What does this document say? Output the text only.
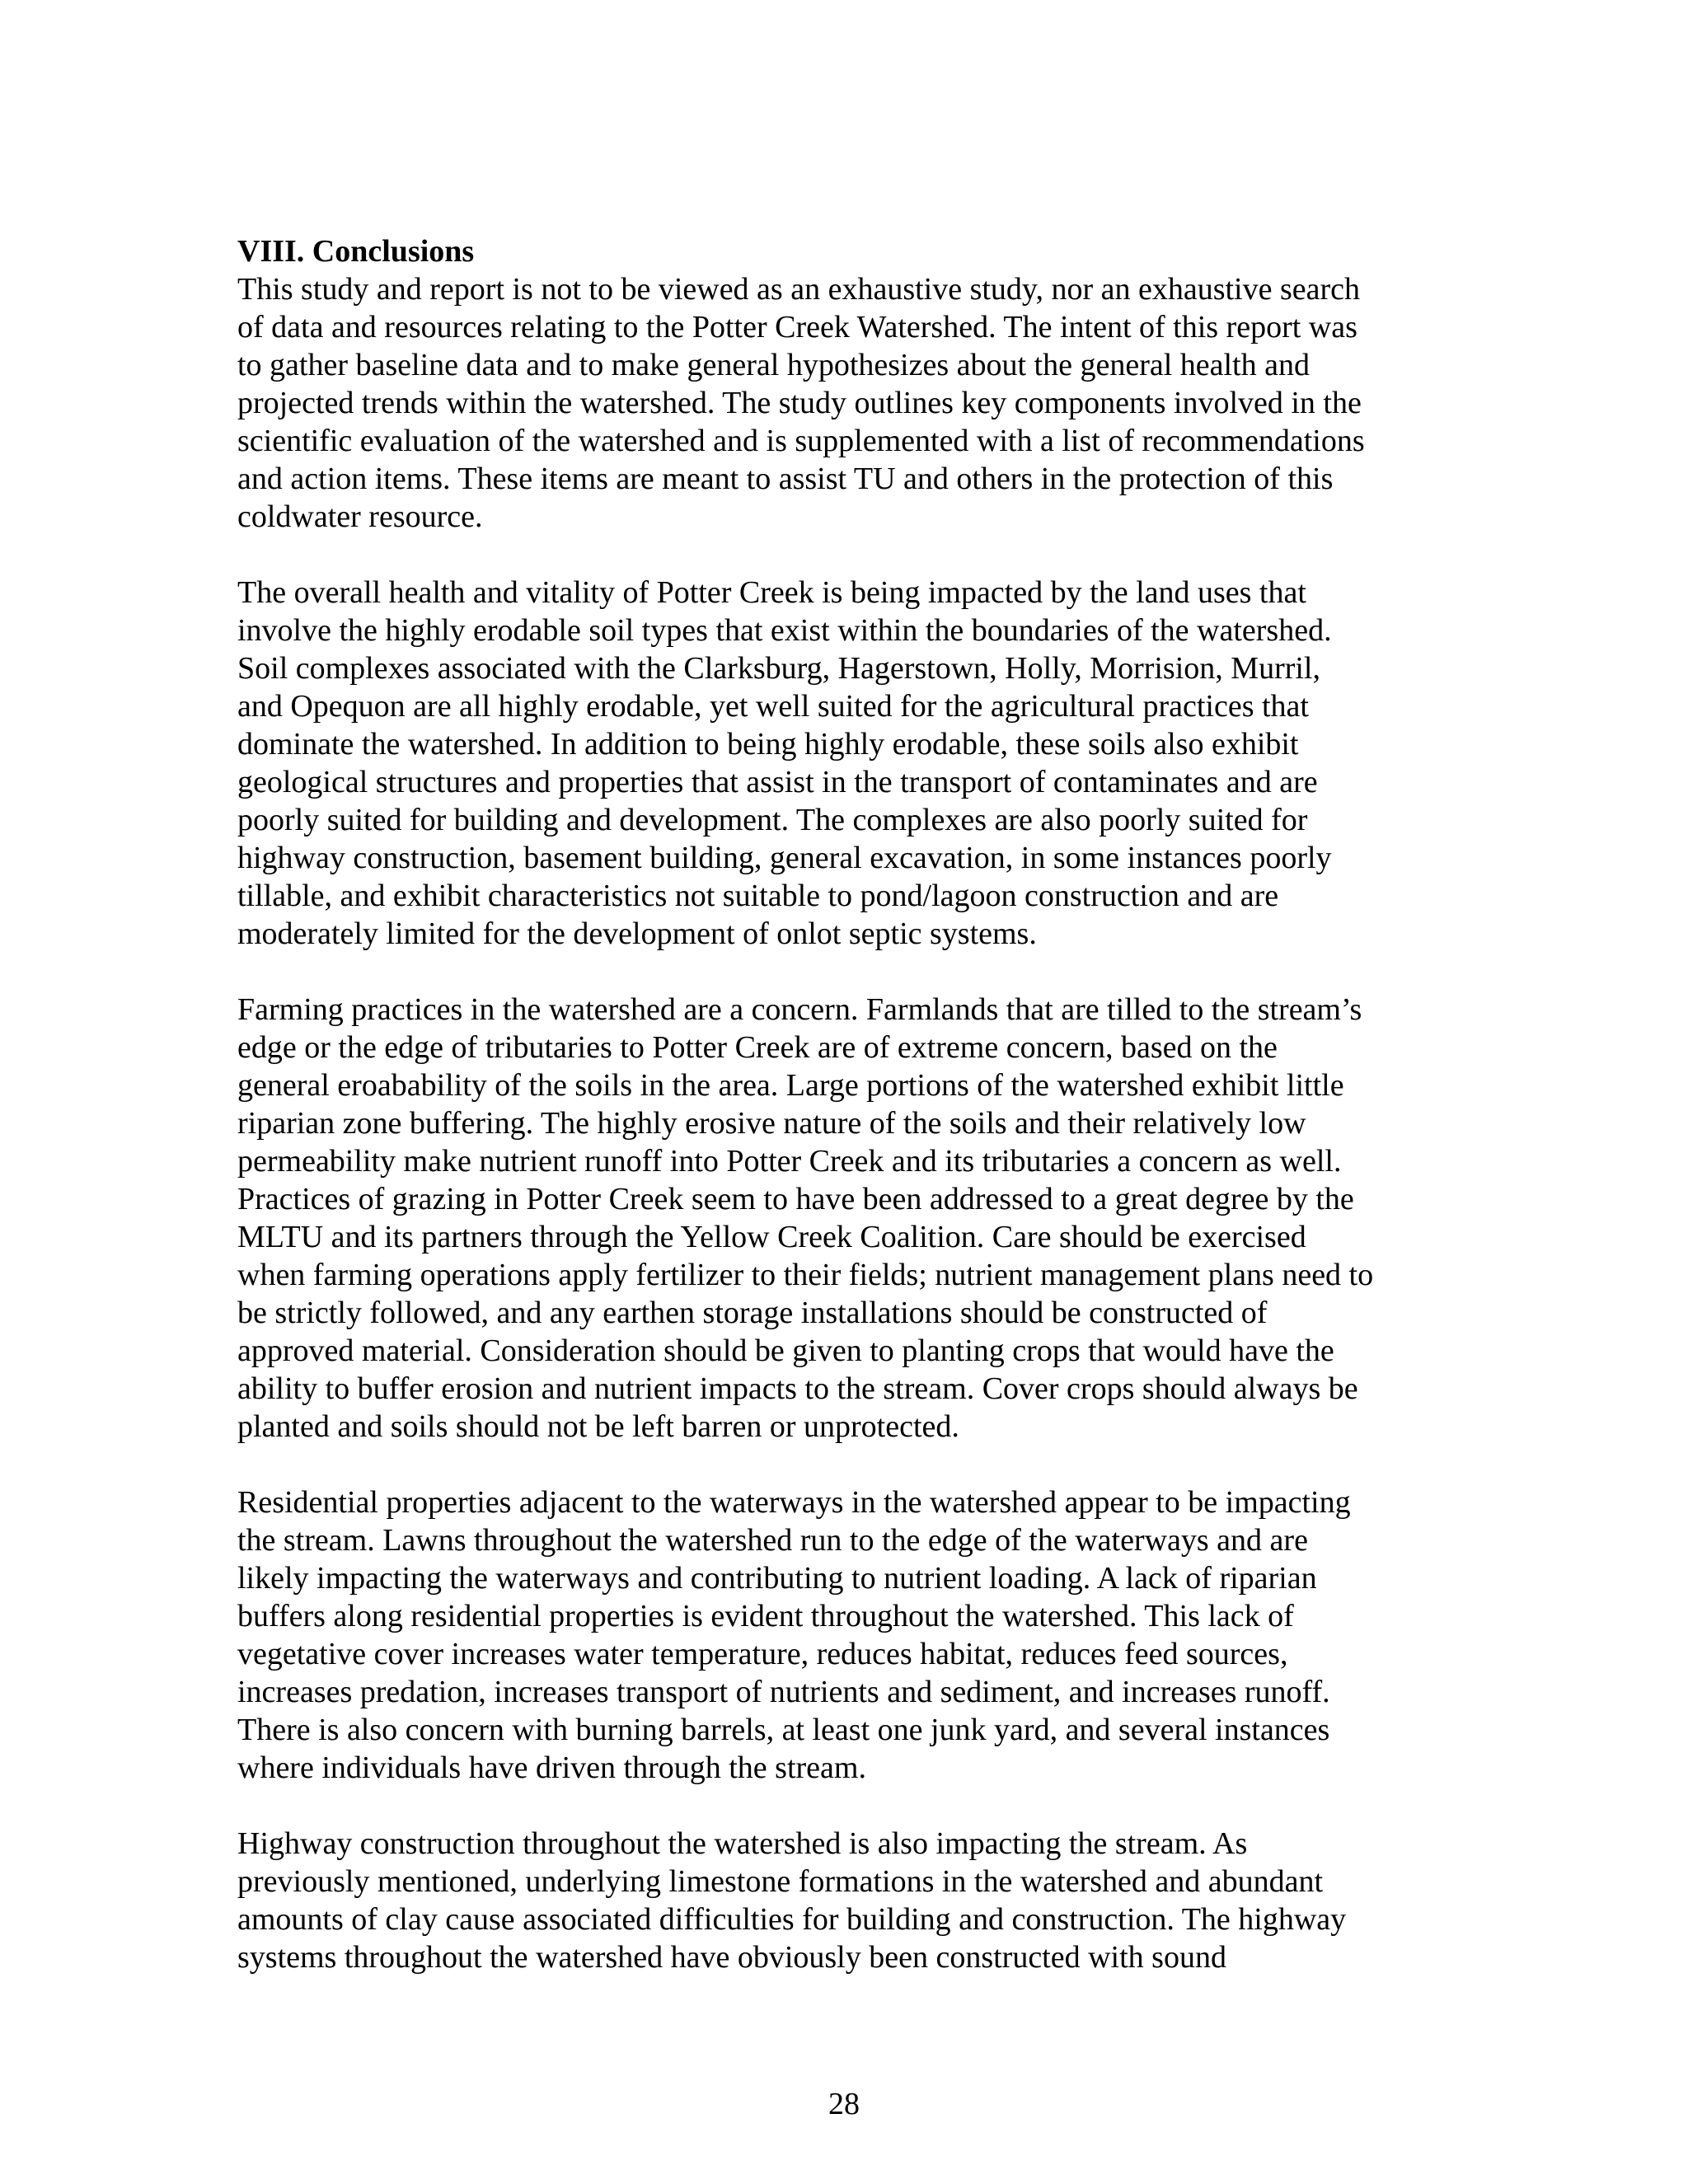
VIII. Conclusions

This study and report is not to be viewed as an exhaustive study, nor an exhaustive search
of data and resources relating to the Potter Creek Watershed. The intent of this report was
to gather baseline data and to make general hypothesizes about the general health and
projected trends within the watershed. The study outlines key components involved in the
scientific evaluation of the watershed and is supplemented with a list of recommendations
and action items. These items are meant to assist TU and others in the protection of this
coldwater resource.

The overall health and vitality of Potter Creek is being impacted by the land uses that
involve the highly erodable soil types that exist within the boundaries of the watershed.
Soil complexes associated with the Clarksburg, Hagerstown, Holly, Morrision, Murril,
and Opequon are all highly erodable, yet well suited for the agricultural practices that
dominate the watershed. In addition to being highly erodable, these soils also exhibit
geological structures and properties that assist in the transport of contaminates and are
poorly suited for building and development. The complexes are also poorly suited for
highway construction, basement building, general excavation, in some instances poorly
tillable, and exhibit characteristics not suitable to pond/lagoon construction and are
moderately limited for the development of onlot septic systems.

Farming practices in the watershed are a concern. Farmlands that are tilled to the stream’s
edge or the edge of tributaries to Potter Creek are of extreme concern, based on the
general eroabability of the soils in the area. Large portions of the watershed exhibit little
riparian zone buffering. The highly erosive nature of the soils and their relatively low
permeability make nutrient runoff into Potter Creek and its tributaries a concern as well.
Practices of grazing in Potter Creek seem to have been addressed to a great degree by the
MLTU and its partners through the Yellow Creek Coalition. Care should be exercised
when farming operations apply fertilizer to their fields; nutrient management plans need to
be strictly followed, and any earthen storage installations should be constructed of
approved material. Consideration should be given to planting crops that would have the
ability to buffer erosion and nutrient impacts to the stream. Cover crops should always be
planted and soils should not be left barren or unprotected.

Residential properties adjacent to the waterways in the watershed appear to be impacting
the stream. Lawns throughout the watershed run to the edge of the waterways and are
likely impacting the waterways and contributing to nutrient loading. A lack of riparian
buffers along residential properties is evident throughout the watershed. This lack of
vegetative cover increases water temperature, reduces habitat, reduces feed sources,
increases predation, increases transport of nutrients and sediment, and increases runoff.
There is also concern with burning barrels, at least one junk yard, and several instances
where individuals have driven through the stream.

Highway construction throughout the watershed is also impacting the stream. As
previously mentioned, underlying limestone formations in the watershed and abundant
amounts of clay cause associated difficulties for building and construction. The highway
systems throughout the watershed have obviously been constructed with sound

28
